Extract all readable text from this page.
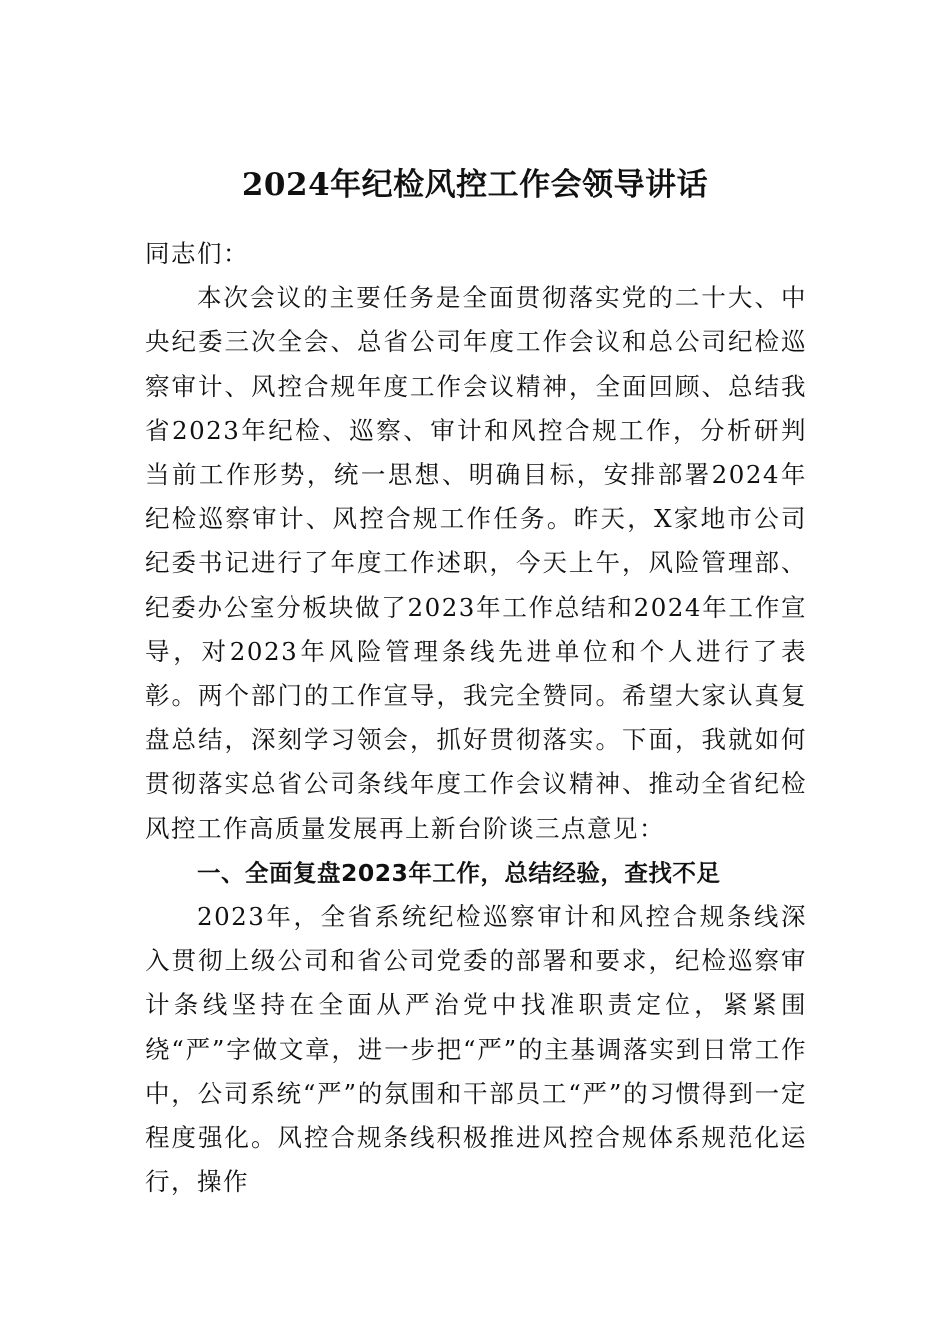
2024年纪检风控工作会领导讲话

同志们：

本次会议的主要任务是全面贯彻落实党的二十大、中央纪委三次全会、总省公司年度工作会议和总公司纪检巡察审计、风控合规年度工作会议精神，全面回顾、总结我省2023年纪检、巡察、审计和风控合规工作，分析研判当前工作形势，统一思想、明确目标，安排部署2024年纪检巡察审计、风控合规工作任务。昨天，X家地市公司纪委书记进行了年度工作述职，今天上午，风险管理部、纪委办公室分板块做了2023年工作总结和2024年工作宣导，对2023年风险管理条线先进单位和个人进行了表彰。两个部门的工作宣导，我完全赞同。希望大家认真复盘总结，深刻学习领会，抓好贯彻落实。下面，我就如何贯彻落实总省公司条线年度工作会议精神、推动全省纪检风控工作高质量发展再上新台阶谈三点意见：

一、全面复盘2023年工作，总结经验，查找不足

2023年，全省系统纪检巡察审计和风控合规条线深入贯彻上级公司和省公司党委的部署和要求，纪检巡察审计条线坚持在全面从严治党中找准职责定位，紧紧围绕“严”字做文章，进一步把“严”的主基调落实到日常工作中，公司系统“严”的氛围和干部员工“严”的习惯得到一定程度强化。风控合规条线积极推进风控合规体系规范化运行，操作
